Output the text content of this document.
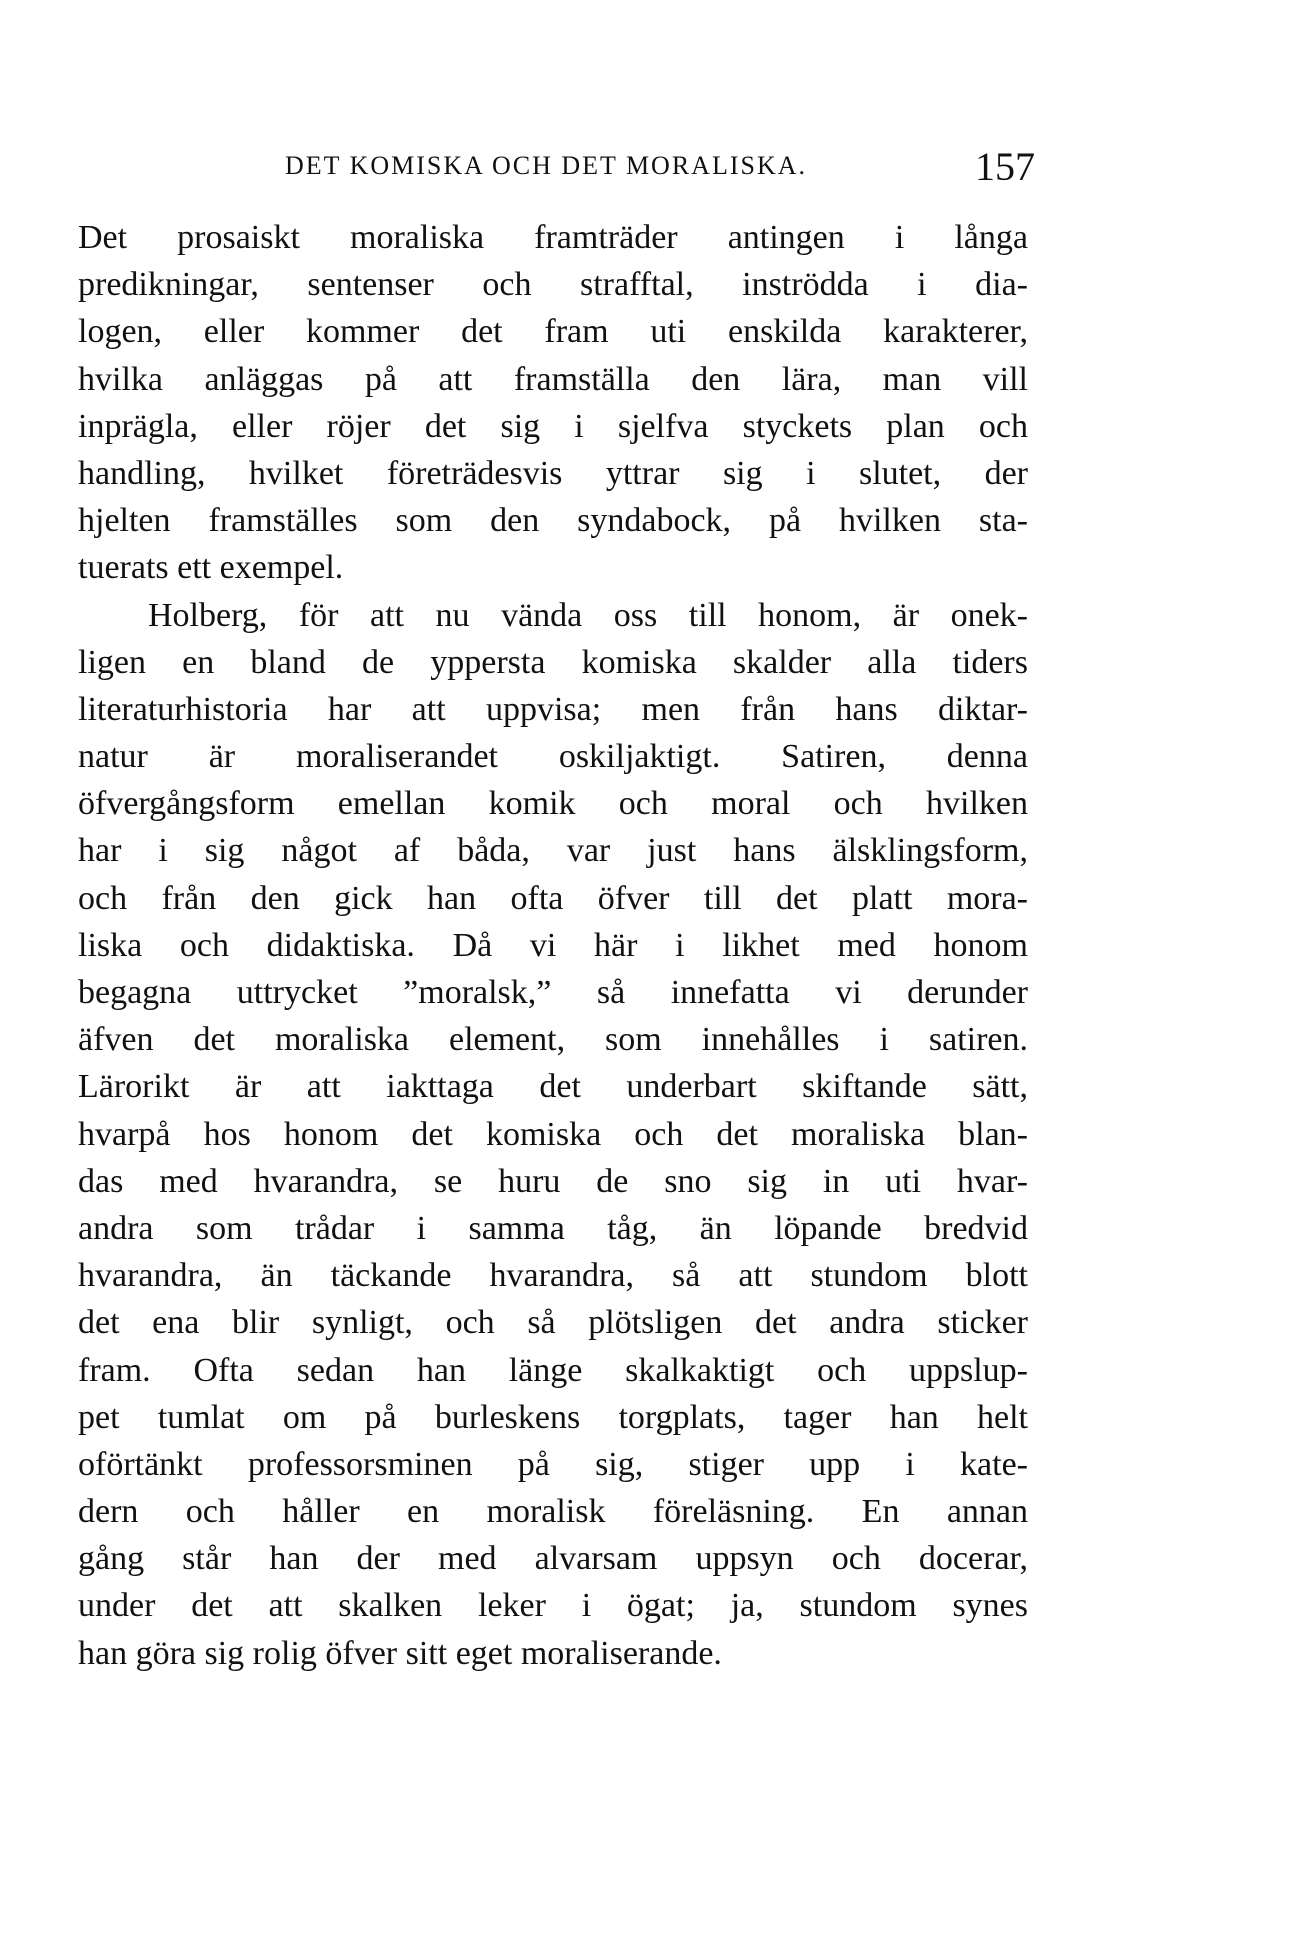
DET KOMISKA OCH DET MORALISKA.	157
Det prosaiskt moraliska framträder antingen i långa
predikningar, sentenser och strafftal, inströdda i dia-
logen, eller kommer det fram uti enskilda karakterer,
hvilka anläggas på att framställa den lära, man vill
inprägla, eller röjer det sig i sjelfva styckets plan och
handling, hvilket företrädesvis yttrar sig i slutet, der
hjelten framställes som den syndabock, på hvilken sta-
tuerats ett exempel.
Holberg, för att nu vända oss till honom, är onek-
ligen en bland de yppersta komiska skalder alla tiders
literaturhistoria har att uppvisa; men från hans diktar-
natur är moraliserandet oskiljaktigt. Satiren, denna
öfvergångsform emellan komik och moral och hvilken
har i sig något af båda, var just hans älsklingsform,
och från den gick han ofta öfver till det platt mora-
liska och didaktiska. Då vi här i likhet med honom
begagna uttrycket ”moralsk,” så innefatta vi derunder
äfven det moraliska element, som innehålles i satiren.
Lärorikt är att iakttaga det underbart skiftande sätt,
hvarpå hos honom det komiska och det moraliska blan-
das med hvarandra, se huru de sno sig in uti hvar-
andra som trådar i samma tåg, än löpande bredvid
hvarandra, än täckande hvarandra, så att stundom blott
det ena blir synligt, och så plötsligen det andra sticker
fram. Ofta sedan han länge skalkaktigt och uppslup-
pet tumlat om på burleskens torgplats, tager han helt
oförtänkt professorsminen på sig, stiger upp i kate-
dern och håller en moralisk föreläsning. En annan
gång står han der med alvarsam uppsyn och docerar,
under det att skalken leker i ögat; ja, stundom synes
han göra sig rolig öfver sitt eget moraliserande.
